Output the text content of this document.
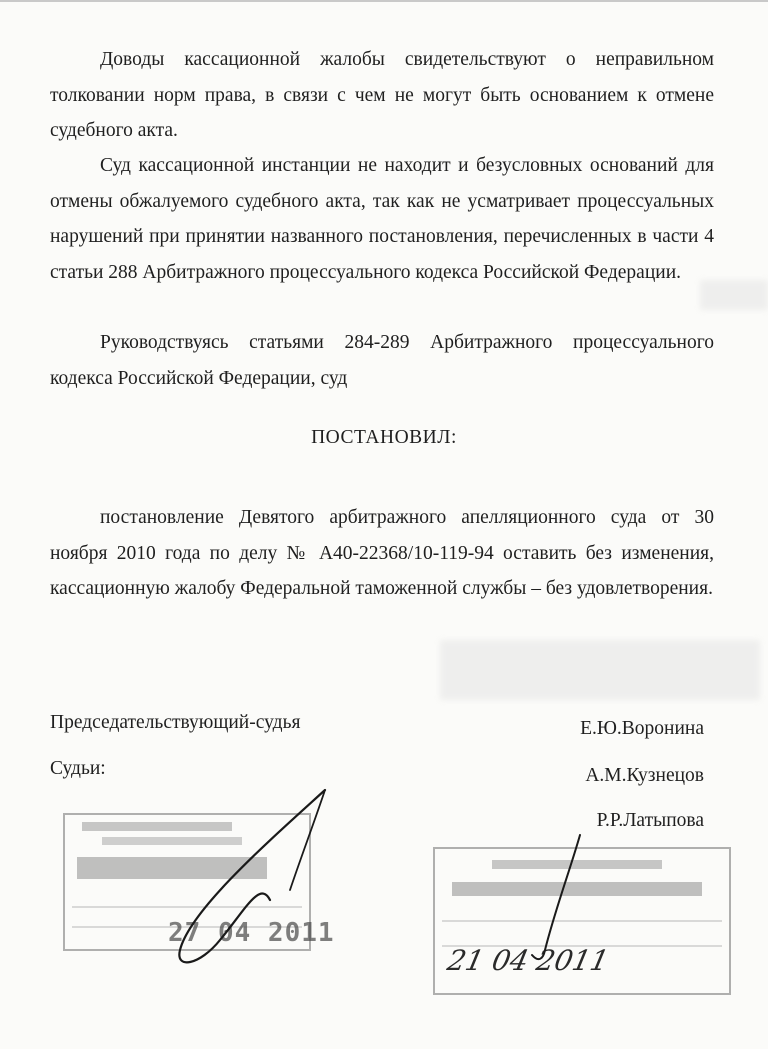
Доводы кассационной жалобы свидетельствуют о неправильном толковании норм права, в связи с чем не могут быть основанием к отмене судебного акта.

Суд кассационной инстанции не находит и безусловных оснований для отмены обжалуемого судебного акта, так как не усматривает процессуальных нарушений при принятии названного постановления, перечисленных в части 4 статьи 288 Арбитражного процессуального кодекса Российской Федерации.

Руководствуясь статьями 284-289 Арбитражного процессуального кодекса Российской Федерации, суд

ПОСТАНОВИЛ:

постановление Девятого арбитражного апелляционного суда от 30 ноября 2010 года по делу № А40-22368/10-119-94 оставить без изменения, кассационную жалобу Федеральной таможенной службы – без удовлетворения.

Председательствующий-судья
Судьи:
Е.Ю.Воронина
А.М.Кузнецов
Р.Р.Латыпова
27 04 2011
21 04 2011
